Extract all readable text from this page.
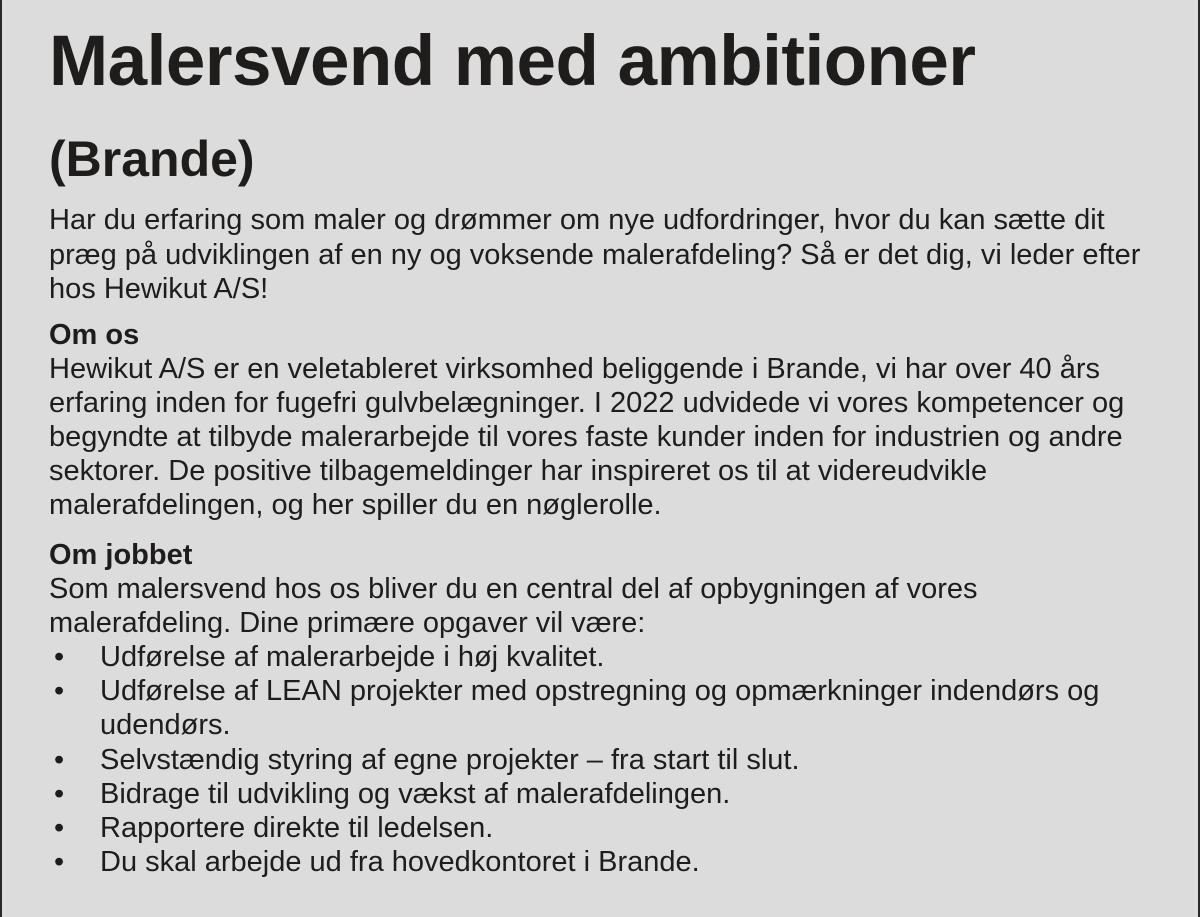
Malersvend med ambitioner
(Brande)

Har du erfaring som maler og drømmer om nye udfordringer, hvor du kan sætte dit præg på udviklingen af en ny og voksende malerafdeling? Så er det dig, vi leder efter hos Hewikut A/S!

Om os

Hewikut A/S er en veletableret virksomhed beliggende i Brande, vi har over 40 års erfaring inden for fugefri gulvbelægninger. I 2022 udvidede vi vores kompetencer og begyndte at tilbyde malerarbejde til vores faste kunder inden for industrien og andre sektorer. De positive tilbagemeldinger har inspireret os til at videreudvikle malerafdelingen, og her spiller du en nøglerolle.

Om jobbet

Som malersvend hos os bliver du en central del af opbygningen af vores malerafdeling. Dine primære opgaver vil være:

• Udførelse af malerarbejde i høj kvalitet.
• Udførelse af LEAN projekter med opstregning og opmærkninger indendørs og udendørs.
• Selvstændig styring af egne projekter – fra start til slut.
• Bidrage til udvikling og vækst af malerafdelingen.
• Rapportere direkte til ledelsen.
• Du skal arbejde ud fra hovedkontoret i Brande.
